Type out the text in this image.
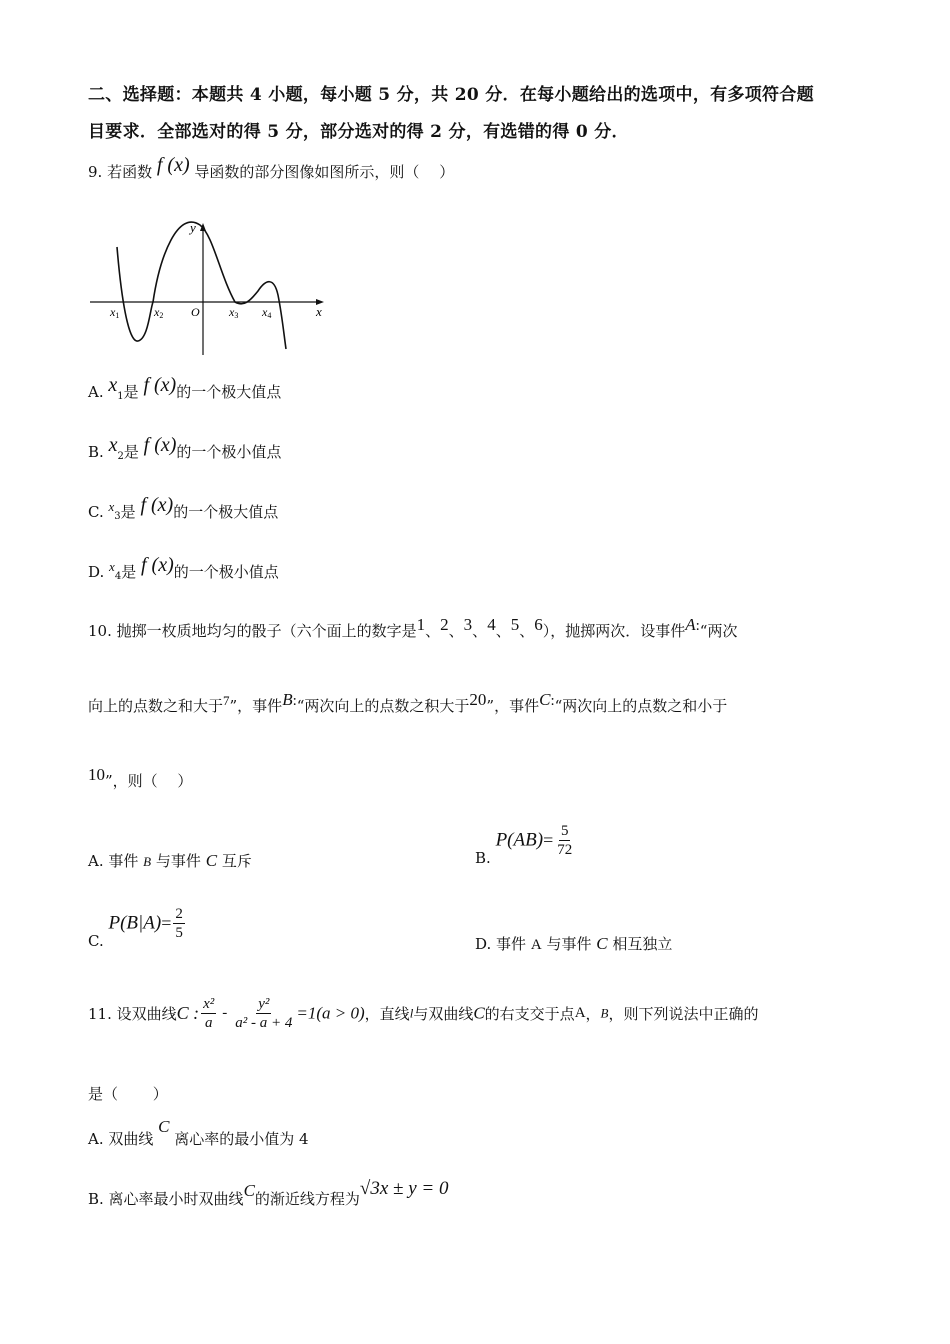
二、选择题：本题共 4 小题，每小题 5 分，共 20 分．在每小题给出的选项中，有多项符合题
目要求．全部选对的得 5 分，部分选对的得 2 分，有选错的得 0 分．
9. 若函数 f (x) 导函数的部分图像如图所示，则（　 ）
y
x
O
x1	x2	x3 x4
A. $x_1$是 f (x)的一个极大值点
B. $x_2$是 f (x)的一个极小值点
C. $x_3$是 f (x)的一个极大值点
D. $x_4$是 f (x)的一个极小值点
10. 抛掷一枚质地均匀的骰子（六个面上的数字是1、2、3、4、5、6），抛掷两次．设事件A:“两次
向上的点数之和大于7”，事件B:“两次向上的点数之积大于20”，事件C:“两次向上的点数之和小于
10”，则（　 ）
A. 事件 B 与事件 C 互斥	B. $P(AB)= \frac{5}{72}$
C. $P(B|A)= \frac{2}{5}$
D. 事件 A 与事件 C 相互独立
11. 设双曲线C : $\frac{\text{x²}}{a} - \frac{\text{y²}}{\text{a² - a + 4}} =1(a > 0)$，直线l与双曲线C的右支交于点A，B，则下列说法中正确的
是（　 　）
A. 双曲线 C 离心率的最小值为 4
B. 离心率最小时双曲线C的渐近线方程为√3x ± y = 0
